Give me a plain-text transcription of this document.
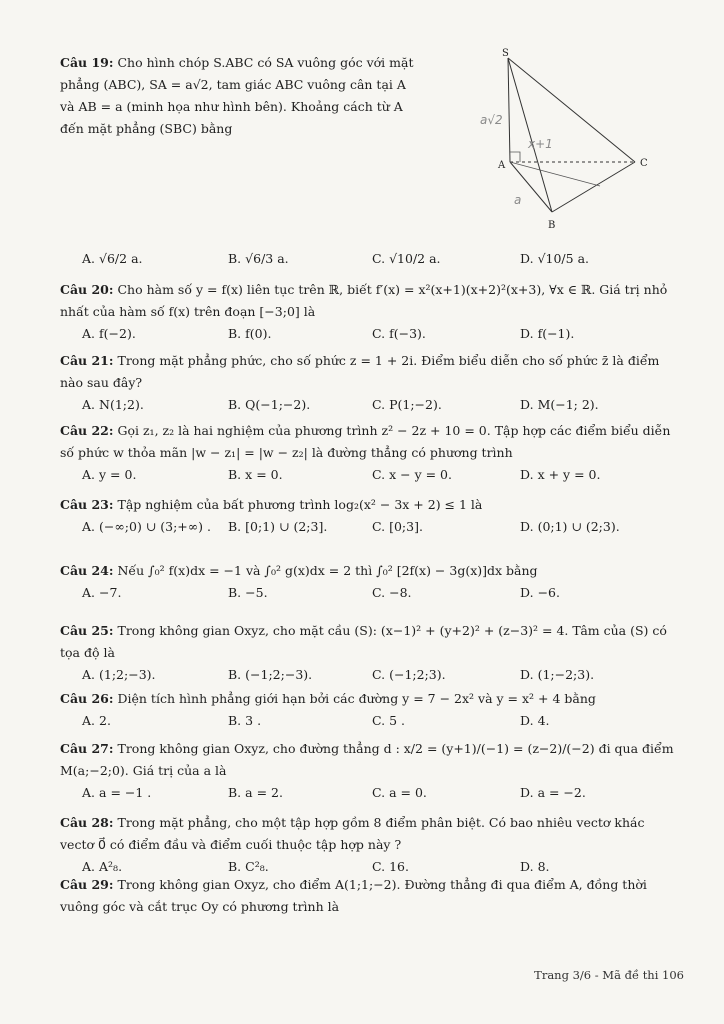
Câu 19: Cho hình chóp S.ABC có SA vuông góc với mặt phẳng (ABC), SA = a√2, tam giác ABC vuông cân tại A và AB = a (minh họa như hình bên). Khoảng cách từ A đến mặt phẳng (SBC) bằng
A. √6/2 a.	B. √6/3 a.	C. √10/2 a.	D. √10/5 a.
S
A
B
C
a√2
a
x+1
Câu 20: Cho hàm số y = f(x) liên tục trên ℝ, biết f′(x) = x²(x+1)(x+2)²(x+3), ∀x ∈ ℝ. Giá trị nhỏ nhất của hàm số f(x) trên đoạn [−3;0] là
A. f(−2).	B. f(0).	C. f(−3).	D. f(−1).
Câu 21: Trong mặt phẳng phức, cho số phức z = 1 + 2i. Điểm biểu diễn cho số phức z̄ là điểm nào sau đây?
A. N(1;2).	B. Q(−1;−2).	C. P(1;−2).	D. M(−1; 2).
Câu 22: Gọi z₁, z₂ là hai nghiệm của phương trình z² − 2z + 10 = 0. Tập hợp các điểm biểu diễn số phức w thỏa mãn |w − z₁| = |w − z₂| là đường thẳng có phương trình
A. y = 0.	B. x = 0.	C. x − y = 0.	D. x + y = 0.
Câu 23: Tập nghiệm của bất phương trình log₂(x² − 3x + 2) ≤ 1 là
A. (−∞;0) ∪ (3;+∞) . B. [0;1) ∪ (2;3].	C. [0;3].	D. (0;1) ∪ (2;3).
Câu 24: Nếu ∫₀² f(x)dx = −1 và ∫₀² g(x)dx = 2 thì ∫₀² [2f(x) − 3g(x)]dx bằng
A. −7.	B. −5.	C. −8.	D. −6.
Câu 25: Trong không gian Oxyz, cho mặt cầu (S): (x−1)² + (y+2)² + (z−3)² = 4. Tâm của (S) có tọa độ là
A. (1;2;−3).	B. (−1;2;−3).	C. (−1;2;3).	D. (1;−2;3).
Câu 26: Diện tích hình phẳng giới hạn bởi các đường y = 7 − 2x² và y = x² + 4 bằng
A. 2.	B. 3 .	C. 5 .	D. 4.
Câu 27: Trong không gian Oxyz, cho đường thẳng d : x/2 = (y+1)/(−1) = (z−2)/(−2) đi qua điểm M(a;−2;0). Giá trị của a là
A. a = −1 .	B. a = 2.	C. a = 0.	D. a = −2.
Câu 28: Trong mặt phẳng, cho một tập hợp gồm 8 điểm phân biệt. Có bao nhiêu vectơ khác vectơ 0⃗ có điểm đầu và điểm cuối thuộc tập hợp này ?
A. A²₈.	B. C²₈.	C. 16.	D. 8.
Câu 29: Trong không gian Oxyz, cho điểm A(1;1;−2). Đường thẳng đi qua điểm A, đồng thời vuông góc và cắt trục Oy có phương trình là
Trang 3/6 - Mã đề thi 106
